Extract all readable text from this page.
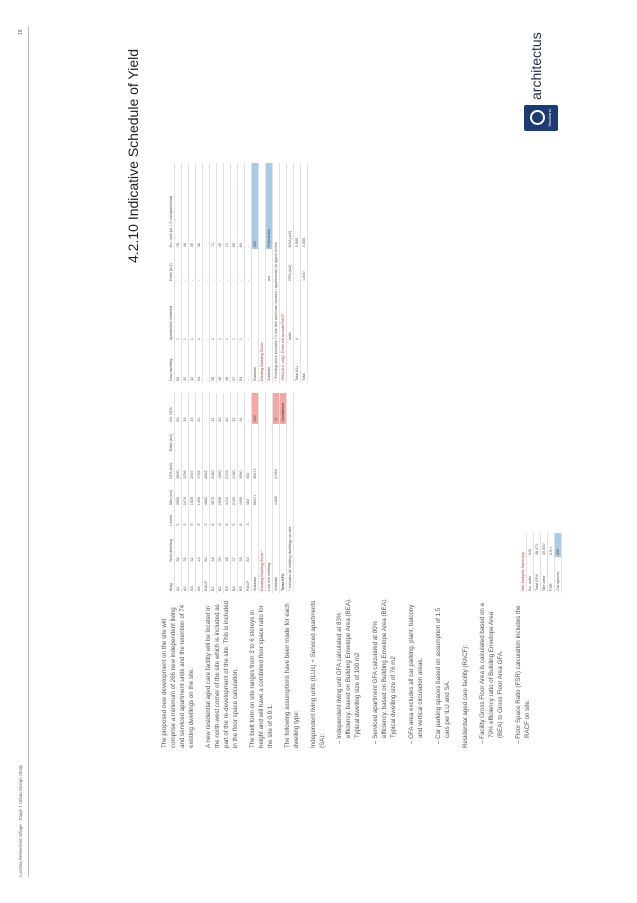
Lucretia Retirement Village · Stage 1 Urban Design Study
18
Stockland
architectus
4.2.10 Indicative Schedule of Yield

The proposed new development on the site will comprise a minimum of 266 new independent living and serviced apartment units and the retention of 74 existing dwellings on the site. A new residential aged care facility will be located in the north-west corner of the site which is included as part of the re-development of the site. This is included in the floor space calculation. The built form on site ranges from 3 to 6 storeys in height and will have a combined floor space ratio for the site of 0.9:1. The following assumptions have been made for each dwelling type: Independent living units (ILUs) + Serviced apartments (SA): – Independent living unit GFA calculated at 83% efficiency, based on Building Envelope Area (BEA). Typical dwelling size of 100 m2 – Serviced apartment GFA calculated at 80% efficiency, based on Building Envelope Area (BEA). Typical dwelling size of 76 m2 – GFA area excludes all car parking, plant, balcony and vertical circulation areas. – Car parking spaces based on assumption of 1.5 cars per ILU and SA. Residential aged care facility (RACF): – Facility Gross Floor Area is calculated based on a 70% efficiency ratio of Building Envelope Area (BEA) to Gross Floor Area GFA. – Floor Space Ratio (FSR) calculation includes the RACF on site.

Bldg	New dwelling	Levels	Site (m2)	GFA (m2)	Ratio (m2)	No. GFA
A1	52	5	3900	3900		53
A2	32	5	2470	2256		33
A3	32	5	1925	2007		33
A4	24	5	1490	1794		21
RACF	84	3	4662	4662		-
B1	48	6	3670	3180		44
B2	30	5	2690	1960		32
B3	48	6	3110	2103		40
B4	37	5	2190	2180		32
B5	53	6	4490	3080		44
RACF	84	3	462	462		-
Subtotal			56371	36471		366
Existing Building Stock *						
Low rise existing						
Subtotal			4,800	4,548		74
Total GFA						Combined
* Includes all existing dwellings on site						
New dwelling	Apartments retained	Ratio (m2)	No. cars (at 1.5 car/apartment)
52	1	-	78
32	1	-	48
32	1	-	48
24	1	-	36
-	-	-	-
48	1	-	72
30	1	-	45
48	1	-	72
37	1	-	55
53	1	-	80
-	-	-	-
Subtotal			399
Existing Building Stock			
Subtotal		n/a	Pedestrian
* Existing stock includes 74 low rise and town houses / apartments on upper levels			
Yield (ILU only): Does not include RACF			
	units	GFA (m2)	NSA (m2)
Total ILU	4	-	3,000
Total		1,600	4,500
Site Analysis Summary	
No. units	340
Total GFA	36,471
Site area	40,000
FSR	0.9:1
Car spaces	399
